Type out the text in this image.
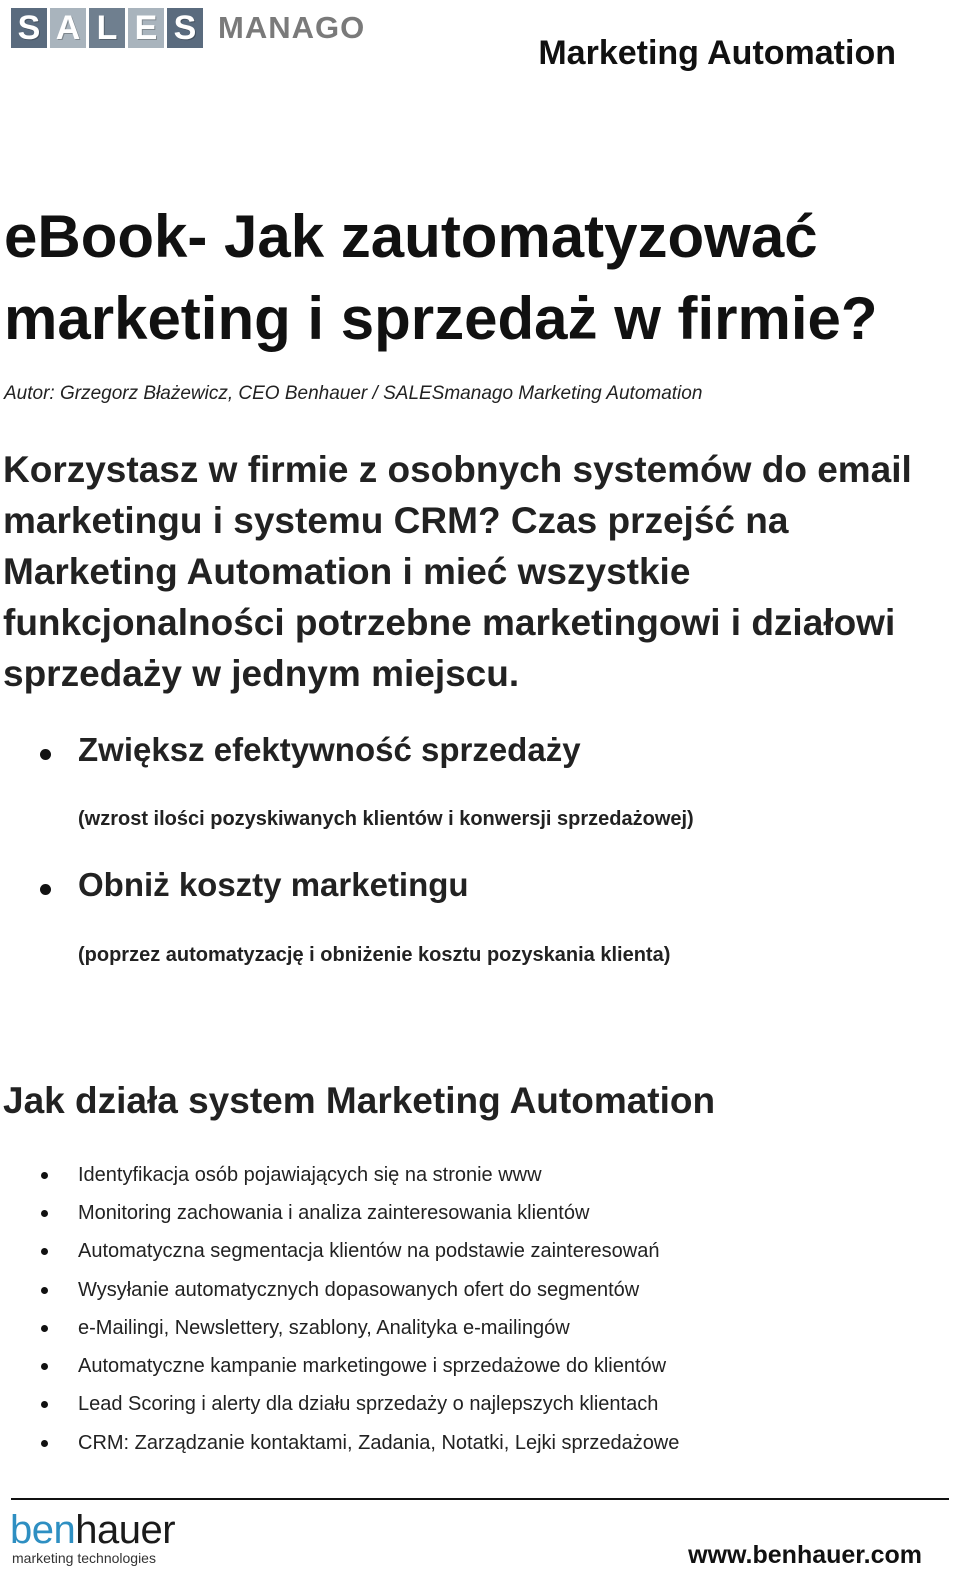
S A L E S MANAGO
Marketing Automation
eBook- Jak zautomatyzować marketing i sprzedaż w firmie?
Autor: Grzegorz Błażewicz, CEO Benhauer / SALESmanago Marketing Automation
Korzystasz w firmie z osobnych systemów do email marketingu i systemu CRM? Czas przejść na Marketing Automation i mieć wszystkie funkcjonalności potrzebne marketingowi i działowi sprzedaży w jednym miejscu.
Zwiększ efektywność sprzedaży
(wzrost ilości pozyskiwanych klientów i konwersji sprzedażowej)
Obniż koszty marketingu
(poprzez automatyzację i obniżenie kosztu pozyskania klienta)
Jak działa system Marketing Automation
Identyfikacja osób pojawiających się na stronie www
Monitoring zachowania i analiza zainteresowania klientów
Automatyczna segmentacja klientów na podstawie zainteresowań
Wysyłanie automatycznych dopasowanych ofert do segmentów
e-Mailingi, Newslettery, szablony, Analityka e-mailingów
Automatyczne kampanie marketingowe i sprzedażowe do klientów
Lead Scoring i alerty dla działu sprzedaży o najlepszych klientach
CRM: Zarządzanie kontaktami, Zadania, Notatki, Lejki sprzedażowe
benhauer
marketing technologies	www.benhauer.com
